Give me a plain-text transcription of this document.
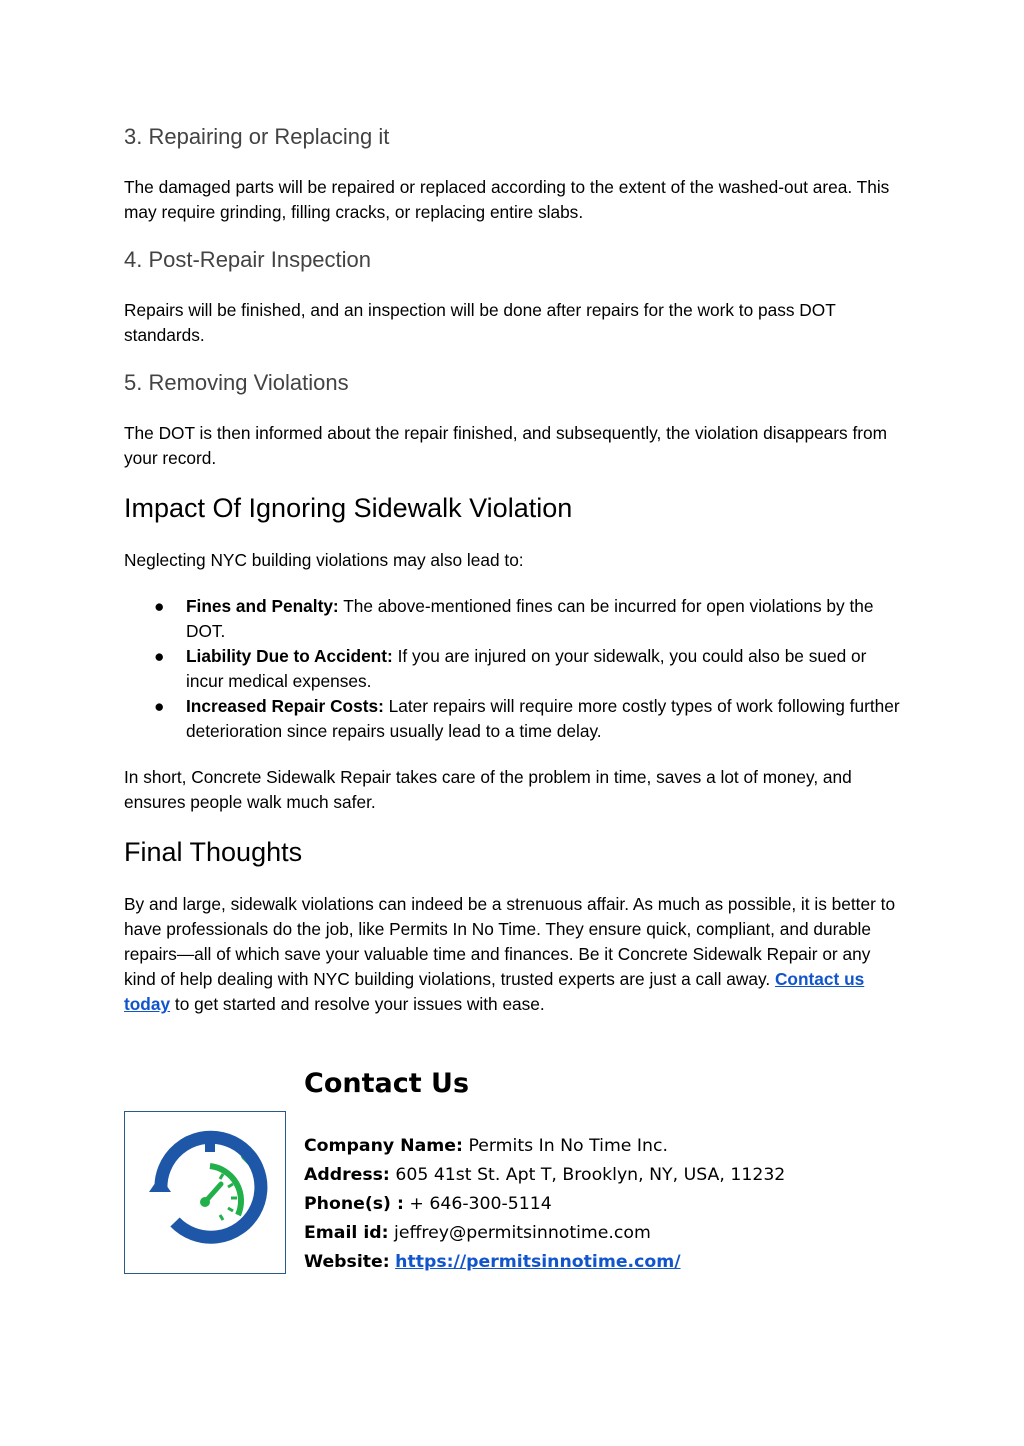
3. Repairing or Replacing it

The damaged parts will be repaired or replaced according to the extent of the washed-out area. This may require grinding, filling cracks, or replacing entire slabs.

4. Post-Repair Inspection

Repairs will be finished, and an inspection will be done after repairs for the work to pass DOT standards.

5. Removing Violations

The DOT is then informed about the repair finished, and subsequently, the violation disappears from your record.

Impact Of Ignoring Sidewalk Violation

Neglecting NYC building violations may also lead to:

● Fines and Penalty: The above-mentioned fines can be incurred for open violations by the DOT.
● Liability Due to Accident: If you are injured on your sidewalk, you could also be sued or incur medical expenses.
● Increased Repair Costs: Later repairs will require more costly types of work following further deterioration since repairs usually lead to a time delay.

In short, Concrete Sidewalk Repair takes care of the problem in time, saves a lot of money, and ensures people walk much safer.

Final Thoughts

By and large, sidewalk violations can indeed be a strenuous affair. As much as possible, it is better to have professionals do the job, like Permits In No Time. They ensure quick, compliant, and durable repairs—all of which save your valuable time and finances. Be it Concrete Sidewalk Repair or any kind of help dealing with NYC building violations, trusted experts are just a call away. Contact us today to get started and resolve your issues with ease.

Contact Us
Company Name: Permits In No Time Inc.
Address: 605 41st St. Apt T, Brooklyn, NY, USA, 11232
Phone(s) : + 646-300-5114
Email id: jeffrey@permitsinnotime.com
Website: https://permitsinnotime.com/
